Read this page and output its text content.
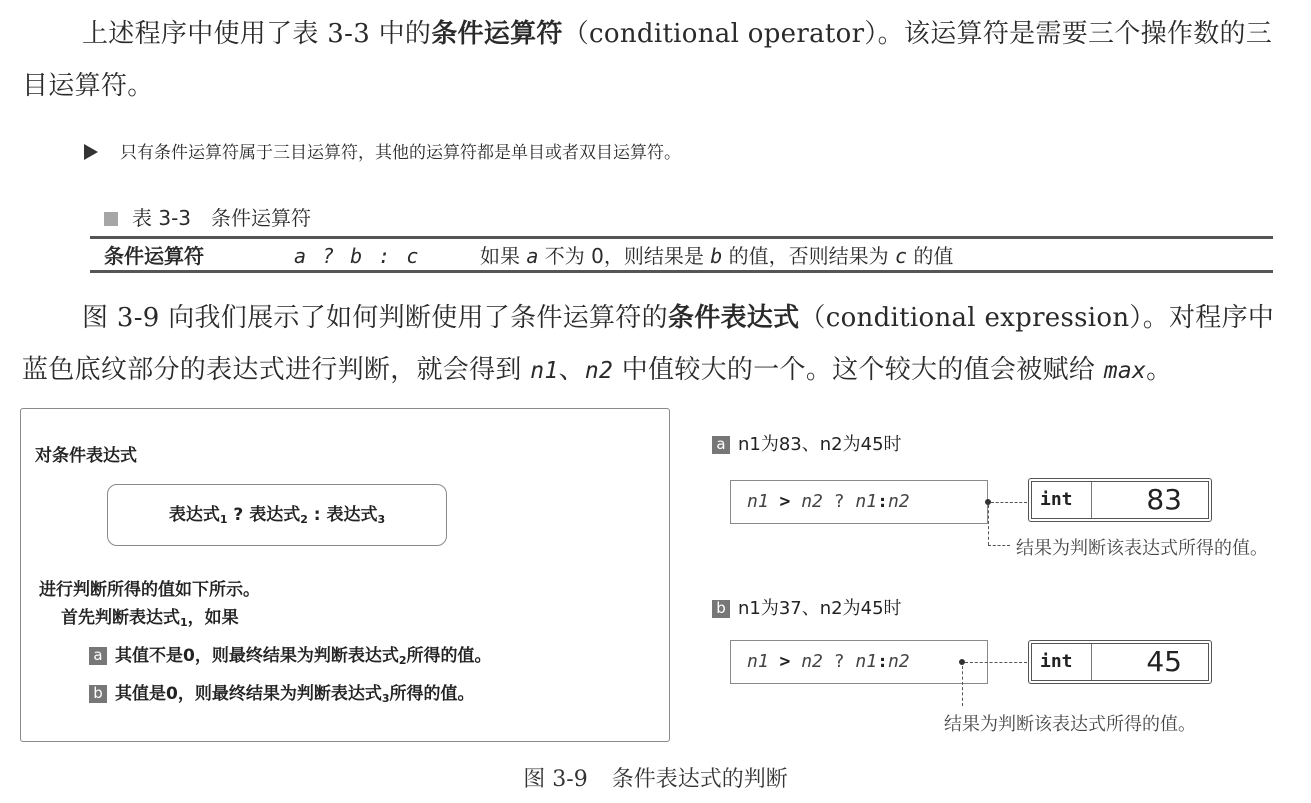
上述程序中使用了表 3-3 中的条件运算符（conditional operator）。该运算符是需要三个操作数的三目运算符。

只有条件运算符属于三目运算符，其他的运算符都是单目或者双目运算符。
表 3-3 条件运算符
条件运算符	a ? b : c	如果 a 不为 0，则结果是 b 的值，否则结果为 c 的值

图 3-9 向我们展示了如何判断使用了条件运算符的条件表达式（conditional expression）。对程序中蓝色底纹部分的表达式进行判断，就会得到 n1、n2 中值较大的一个。这个较大的值会被赋给 max。

对条件表达式
表达式$_1$ ? 表达式$_2$ : 表达式$_3$
进行判断所得的值如下所示。
首先判断表达式$_1$，如果
a 其值不是0，则最终结果为判断表达式$_2$所得的值。
b 其值是0，则最终结果为判断表达式$_3$所得的值。
a n1为83、n2为45时
n1 > n2 ? n1:n2	int	83
结果为判断该表达式所得的值。
b n1为37、n2为45时
n1 > n2 ? n1:n2	int	45
结果为判断该表达式所得的值。
图 3-9 条件表达式的判断
